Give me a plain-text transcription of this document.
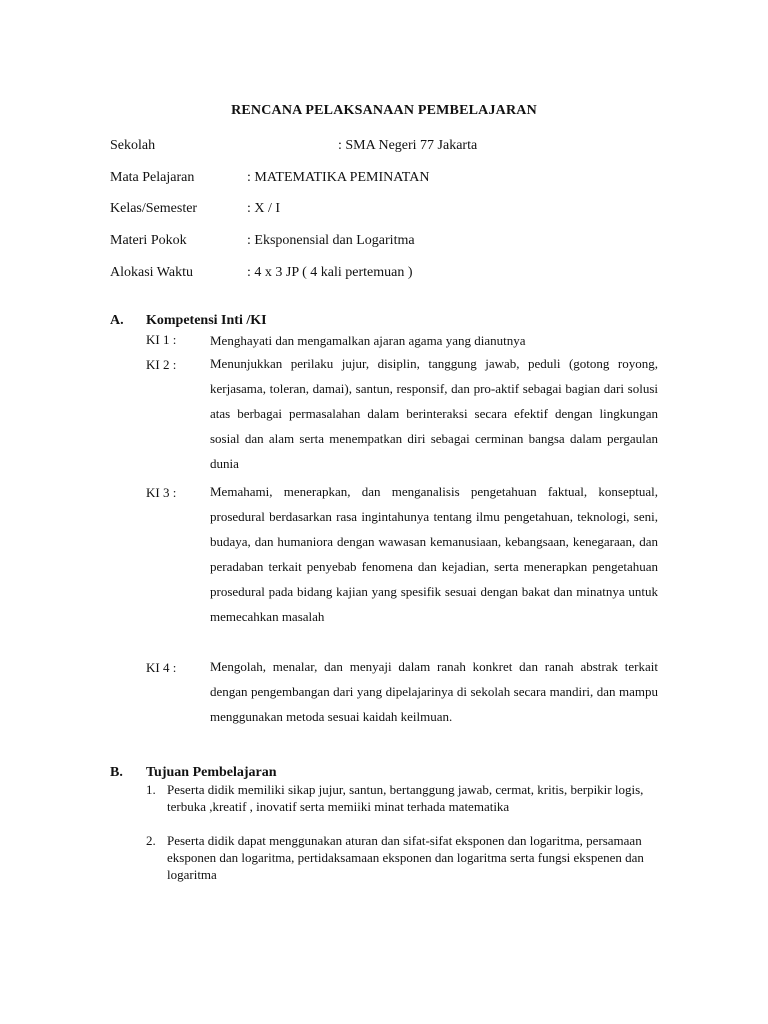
RENCANA PELAKSANAAN PEMBELAJARAN
Sekolah	: SMA Negeri 77 Jakarta
Mata Pelajaran	: MATEMATIKA PEMINATAN
Kelas/Semester	: X / I
Materi Pokok	: Eksponensial dan Logaritma
Alokasi Waktu	: 4 x 3 JP ( 4 kali pertemuan )
A. Kompetensi Inti /KI
KI 1 :	Menghayati dan mengamalkan ajaran agama yang dianutnya
KI 2 :	Menunjukkan perilaku jujur, disiplin, tanggung jawab, peduli (gotong royong, kerjasama, toleran, damai), santun, responsif, dan pro-aktif sebagai bagian dari solusi atas berbagai permasalahan dalam berinteraksi secara efektif dengan lingkungan sosial dan alam serta menempatkan diri sebagai cerminan bangsa dalam pergaulan dunia
KI 3 :	Memahami, menerapkan, dan menganalisis pengetahuan faktual, konseptual, prosedural berdasarkan rasa ingintahunya tentang ilmu pengetahuan, teknologi, seni, budaya, dan humaniora dengan wawasan kemanusiaan, kebangsaan, kenegaraan, dan peradaban terkait penyebab fenomena dan kejadian, serta menerapkan pengetahuan prosedural pada bidang kajian yang spesifik sesuai dengan bakat dan minatnya untuk memecahkan masalah
KI 4 :	Mengolah, menalar, dan menyaji dalam ranah konkret dan ranah abstrak terkait dengan pengembangan dari yang dipelajarinya di sekolah secara mandiri, dan mampu menggunakan metoda sesuai kaidah keilmuan.
B. Tujuan Pembelajaran
1. Peserta didik memiliki sikap jujur, santun, bertanggung jawab, cermat, kritis, berpikir logis, terbuka ,kreatif , inovatif serta memiiki minat terhada matematika
2. Peserta didik dapat menggunakan aturan dan sifat-sifat eksponen dan logaritma, persamaan eksponen dan logaritma, pertidaksamaan eksponen dan logaritma serta fungsi ekspenen dan logaritma
